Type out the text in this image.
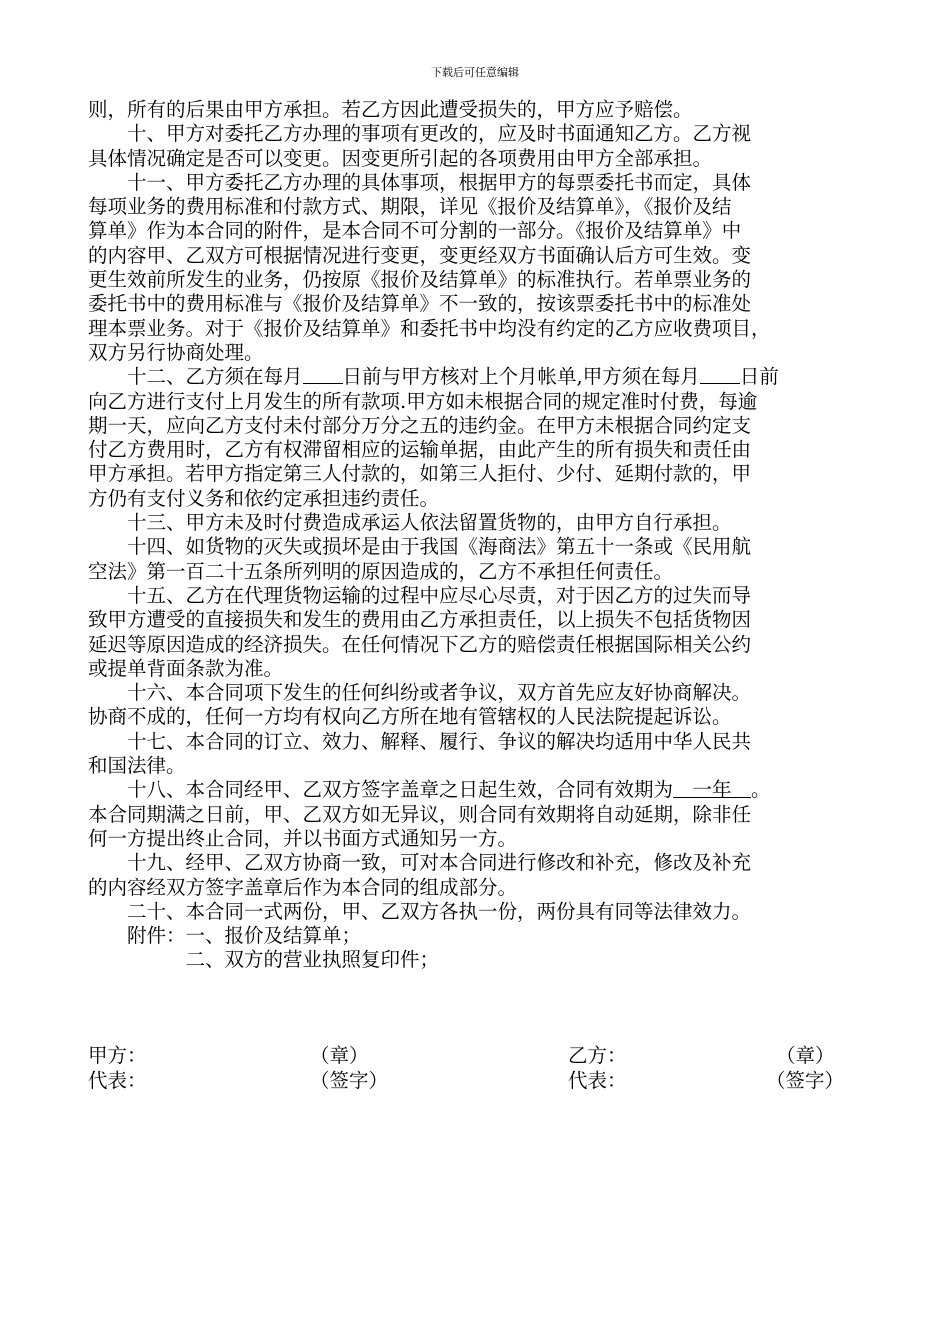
下载后可任意编辑
则，所有的后果由甲方承担。若乙方因此遭受损失的，甲方应予赔偿。
　　十、甲方对委托乙方办理的事项有更改的，应及时书面通知乙方。乙方视
具体情况确定是否可以变更。因变更所引起的各项费用由甲方全部承担。
　　十一、甲方委托乙方办理的具体事项，根据甲方的每票委托书而定，具体
每项业务的费用标准和付款方式、期限，详见《报价及结算单》，《报价及结
算单》作为本合同的附件，是本合同不可分割的一部分。《报价及结算单》中
的内容甲、乙双方可根据情况进行变更，变更经双方书面确认后方可生效。变
更生效前所发生的业务，仍按原《报价及结算单》的标准执行。若单票业务的
委托书中的费用标准与《报价及结算单》不一致的，按该票委托书中的标准处
理本票业务。对于《报价及结算单》和委托书中均没有约定的乙方应收费项目，
双方另行协商处理。
　　十二、乙方须在每月 日前与甲方核对上个月帐单,甲方须在每月 日前
向乙方进行支付上月发生的所有款项.甲方如未根据合同的规定准时付费，每逾
期一天，应向乙方支付未付部分万分之五的违约金。在甲方未根据合同约定支
付乙方费用时，乙方有权滞留相应的运输单据，由此产生的所有损失和责任由
甲方承担。若甲方指定第三人付款的，如第三人拒付、少付、延期付款的，甲
方仍有支付义务和依约定承担违约责任。
　　十三、甲方未及时付费造成承运人依法留置货物的，由甲方自行承担。
　　十四、如货物的灭失或损坏是由于我国《海商法》第五十一条或《民用航
空法》第一百二十五条所列明的原因造成的，乙方不承担任何责任。
　　十五、乙方在代理货物运输的过程中应尽心尽责，对于因乙方的过失而导
致甲方遭受的直接损失和发生的费用由乙方承担责任，以上损失不包括货物因
延迟等原因造成的经济损失。在任何情况下乙方的赔偿责任根据国际相关公约
或提单背面条款为准。
　　十六、本合同项下发生的任何纠纷或者争议，双方首先应友好协商解决。
协商不成的，任何一方均有权向乙方所在地有管辖权的人民法院提起诉讼。
　　十七、本合同的订立、效力、解释、履行、争议的解决均适用中华人民共
和国法律。
　　十八、本合同经甲、乙双方签字盖章之日起生效，合同有效期为　一年　。
本合同期满之日前，甲、乙双方如无异议，则合同有效期将自动延期，除非任
何一方提出终止合同，并以书面方式通知另一方。
　　十九、经甲、乙双方协商一致，可对本合同进行修改和补充，修改及补充
的内容经双方签字盖章后作为本合同的组成部分。
　　二十、本合同一式两份，甲、乙双方各执一份，两份具有同等法律效力。
　　附件：一、报价及结算单；
　　　　　二、双方的营业执照复印件；
甲方：	（章）	乙方：	（章）
代表：	（签字）	代表：	（签字）
